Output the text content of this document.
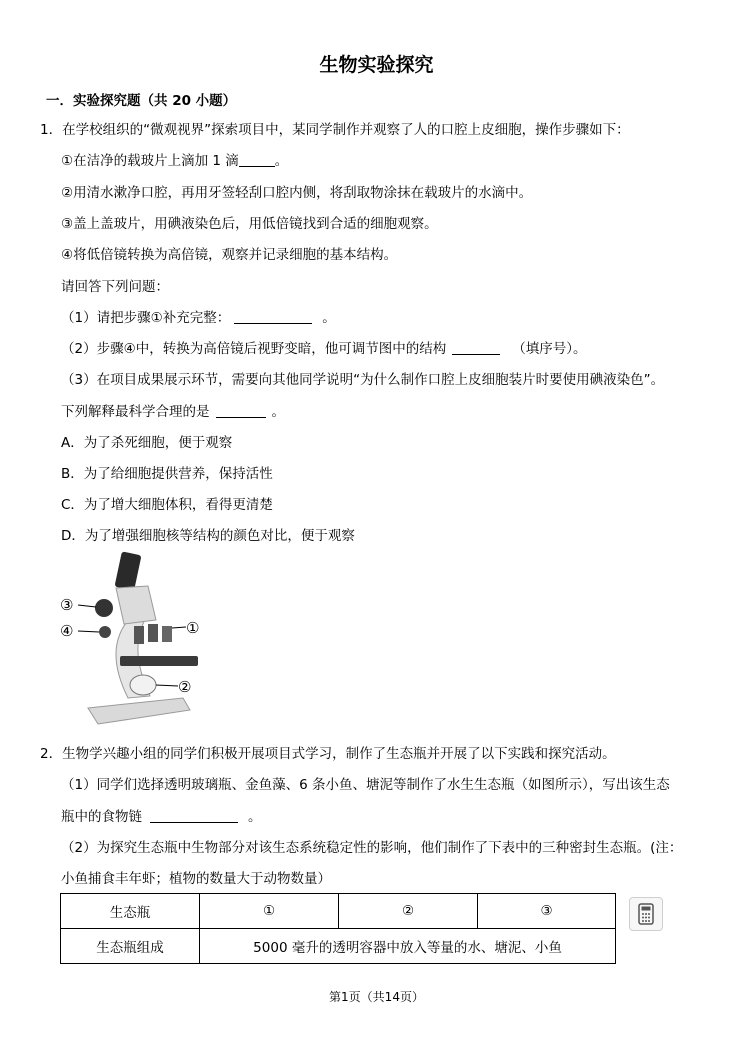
生物实验探究
一．实验探究题（共 20 小题）
1．在学校组织的“微观视界”探索项目中，某同学制作并观察了人的口腔上皮细胞，操作步骤如下：
①在洁净的载玻片上滴加 1 滴	。
②用清水漱净口腔，再用牙签轻刮口腔内侧，将刮取物涂抹在载玻片的水滴中。
③盖上盖玻片，用碘液染色后，用低倍镜找到合适的细胞观察。
④将低倍镜转换为高倍镜，观察并记录细胞的基本结构。
请回答下列问题：
（1）请把步骤①补充完整：	。
（2）步骤④中，转换为高倍镜后视野变暗，他可调节图中的结构	（填序号）。
（3）在项目成果展示环节，需要向其他同学说明“为什么制作口腔上皮细胞装片时要使用碘液染色”。
下列解释最科学合理的是	。
A．为了杀死细胞，便于观察
B．为了给细胞提供营养，保持活性
C．为了增大细胞体积，看得更清楚
D．为了增强细胞核等结构的颜色对比，便于观察
③
④	①
②
2．生物学兴趣小组的同学们积极开展项目式学习，制作了生态瓶并开展了以下实践和探究活动。
（1）同学们选择透明玻璃瓶、金鱼藻、6 条小鱼、塘泥等制作了水生生态瓶（如图所示），写出该生态
瓶中的食物链	。
（2）为探究生态瓶中生物部分对该生态系统稳定性的影响，他们制作了下表中的三种密封生态瓶。(注：
小鱼捕食丰年虾；植物的数量大于动物数量）
生态瓶	①	②	③
生态瓶组成	5000 毫升的透明容器中放入等量的水、塘泥、小鱼		
第1页（共14页）
